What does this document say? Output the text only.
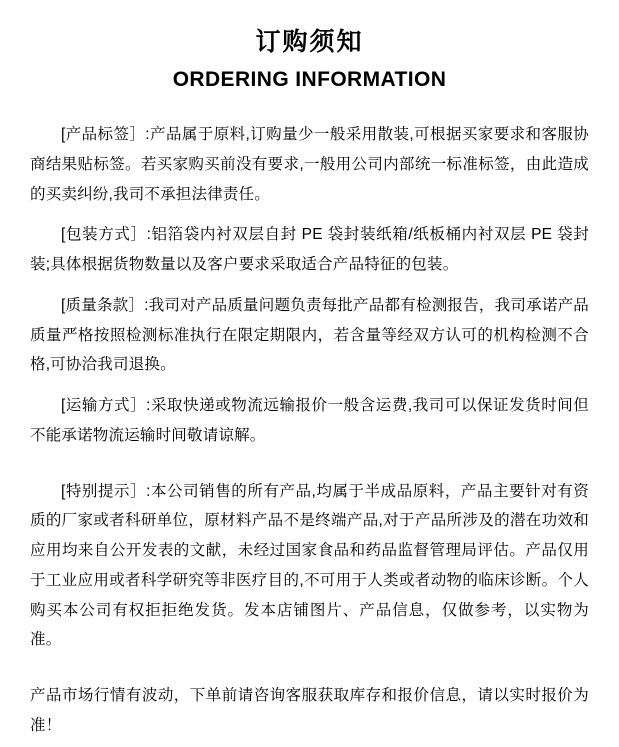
订购须知
ORDERING INFORMATION

[产品标签］:产品属于原料,订购量少一般采用散装,可根据买家要求和客服协商结果贴标签。若买家购买前没有要求,一般用公司内部统一标准标签，由此造成的买卖纠纷,我司不承担法律责任。

[包装方式］:铝箔袋内衬双层自封 PE 袋封装纸箱/纸板桶内衬双层 PE 袋封装;具体根据货物数量以及客户要求采取适合产品特征的包装。

[质量条款］:我司对产品质量问题负责每批产品都有检测报告，我司承诺产品质量严格按照检测标准执行在限定期限内，若含量等经双方认可的机构检测不合格,可协洽我司退换。

[运输方式］:采取快递或物流远输报价一般含运费,我司可以保证发货时间但不能承诺物流运输时间敬请谅解。

[特别提示］:本公司销售的所有产品,均属于半成品原料，产品主要针对有资质的厂家或者科研单位，原材料产品不是终端产品,对于产品所涉及的潜在功效和应用均来自公开发表的文献，未经过国家食品和药品监督管理局评估。产品仅用于工业应用或者科学研究等非医疗目的,不可用于人类或者动物的临床诊断。个人购买本公司有权拒拒绝发货。发本店铺图片、产品信息，仅做参考，以实物为准。

产品市场行情有波动，下单前请咨询客服获取库存和报价信息，请以实时报价为准！
